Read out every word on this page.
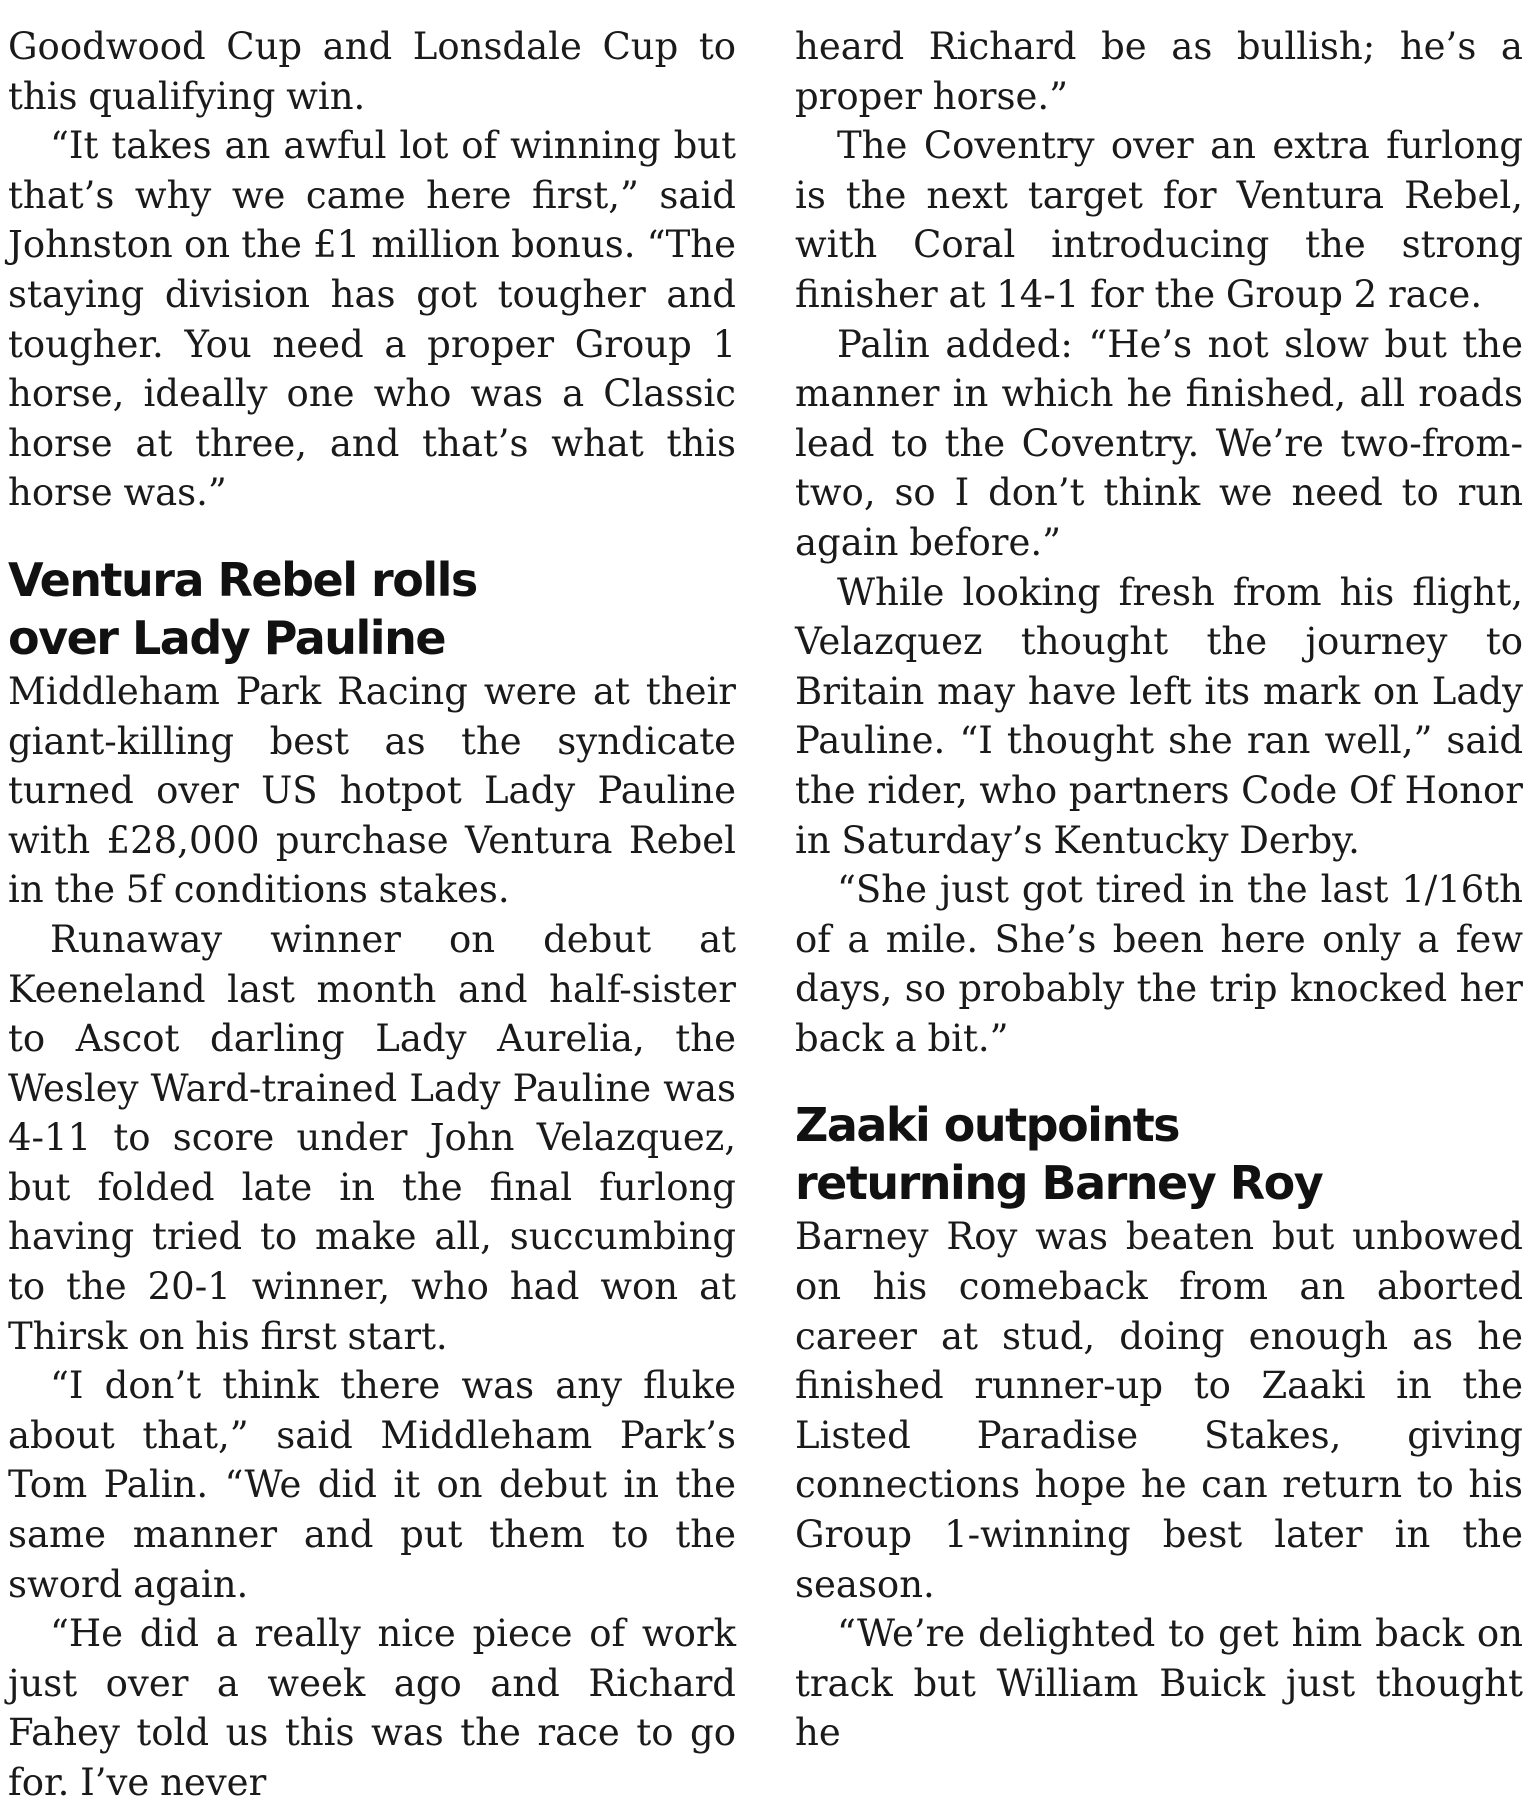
Goodwood Cup and Lonsdale Cup to this qualifying win.

“It takes an awful lot of winning but that’s why we came here first,” said Johnston on the £1 million bonus. “The staying division has got tougher and tougher. You need a proper Group 1 horse, ideally one who was a Classic horse at three, and that’s what this horse was.”

Ventura Rebel rolls
over Lady Pauline

Middleham Park Racing were at their giant-killing best as the syndicate turned over US hotpot Lady Pauline with £28,000 purchase Ventura Rebel in the 5f conditions stakes.

Runaway winner on debut at Keeneland last month and half-sister to Ascot darling Lady Aurelia, the Wesley Ward-trained Lady Pauline was 4-11 to score under John Velazquez, but folded late in the final furlong having tried to make all, succumbing to the 20-1 winner, who had won at Thirsk on his first start.

“I don’t think there was any fluke about that,” said Middleham Park’s Tom Palin. “We did it on debut in the same manner and put them to the sword again.

“He did a really nice piece of work just over a week ago and Richard Fahey told us this was the race to go for. I’ve never

heard Richard be as bullish; he’s a proper horse.”

The Coventry over an extra furlong is the next target for Ventura Rebel, with Coral introducing the strong finisher at 14-1 for the Group 2 race.

Palin added: “He’s not slow but the manner in which he finished, all roads lead to the Coventry. We’re two-from-two, so I don’t think we need to run again before.”

While looking fresh from his flight, Velazquez thought the journey to Britain may have left its mark on Lady Pauline. “I thought she ran well,” said the rider, who partners Code Of Honor in Saturday’s Kentucky Derby.

“She just got tired in the last 1/16th of a mile. She’s been here only a few days, so probably the trip knocked her back a bit.”

Zaaki outpoints
returning Barney Roy

Barney Roy was beaten but unbowed on his comeback from an aborted career at stud, doing enough as he finished runner-up to Zaaki in the Listed Paradise Stakes, giving connections hope he can return to his Group 1-winning best later in the season.

“We’re delighted to get him back on track but William Buick just thought he
